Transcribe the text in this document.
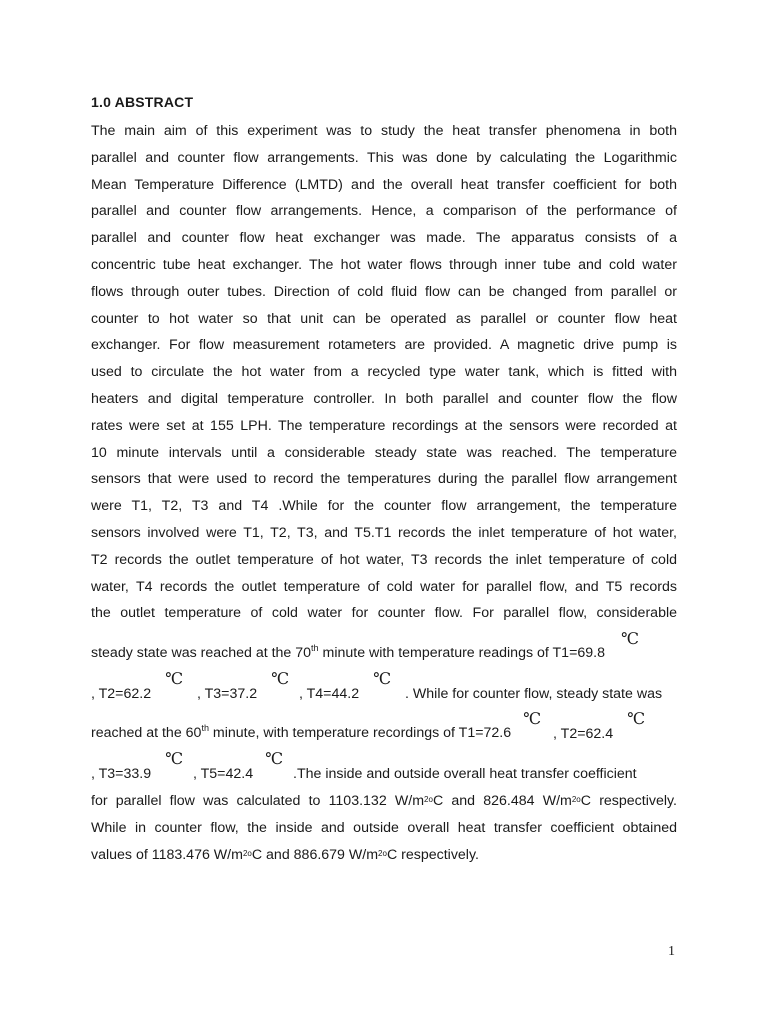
1.0 ABSTRACT
The main aim of this experiment was to study the heat transfer phenomena in both
parallel and counter flow arrangements. This was done by calculating the Logarithmic
Mean Temperature Difference (LMTD) and the overall heat transfer coefficient for both
parallel and counter flow arrangements. Hence, a comparison of the performance of
parallel and counter flow heat exchanger was made. The apparatus consists of a
concentric tube heat exchanger. The hot water flows through inner tube and cold water
flows through outer tubes. Direction of cold fluid flow can be changed from parallel or
counter to hot water so that unit can be operated as parallel or counter flow heat
exchanger. For flow measurement rotameters are provided. A magnetic drive pump is
used to circulate the hot water from a recycled type water tank, which is fitted with
heaters and digital temperature controller. In both parallel and counter flow the flow
rates were set at 155 LPH. The temperature recordings at the sensors were recorded at
10 minute intervals until a considerable steady state was reached. The temperature
sensors that were used to record the temperatures during the parallel flow arrangement
were T1, T2, T3 and T4 .While for the counter flow arrangement, the temperature
sensors involved were T1, T2, T3, and T5.T1 records the inlet temperature of hot water,
T2 records the outlet temperature of hot water, T3 records the inlet temperature of cold
water, T4 records the outlet temperature of cold water for parallel flow, and T5 records
the outlet temperature of cold water for counter flow. For parallel flow, considerable
steady state was reached at the 70th minute with temperature readings of T1=69.8
℃
, T2=62.2
℃
, T3=37.2
℃
, T4=44.2
℃
. While for counter flow, steady state was
reached at the 60th minute, with temperature recordings of T1=72.6
℃
, T2=62.4
℃
, T3=33.9
℃
, T5=42.4
℃
.The inside and outside overall heat transfer coefficient
for parallel flow was calculated to 1103.132 $W/m^{2o}C$ and 826.484 $W/m^{2o}C$ respectively.
While in counter flow, the inside and outside overall heat transfer coefficient obtained
values of 1183.476 $W/m^{2o}C$ and 886.679 $W/m^{2o}C$ respectively.
1
